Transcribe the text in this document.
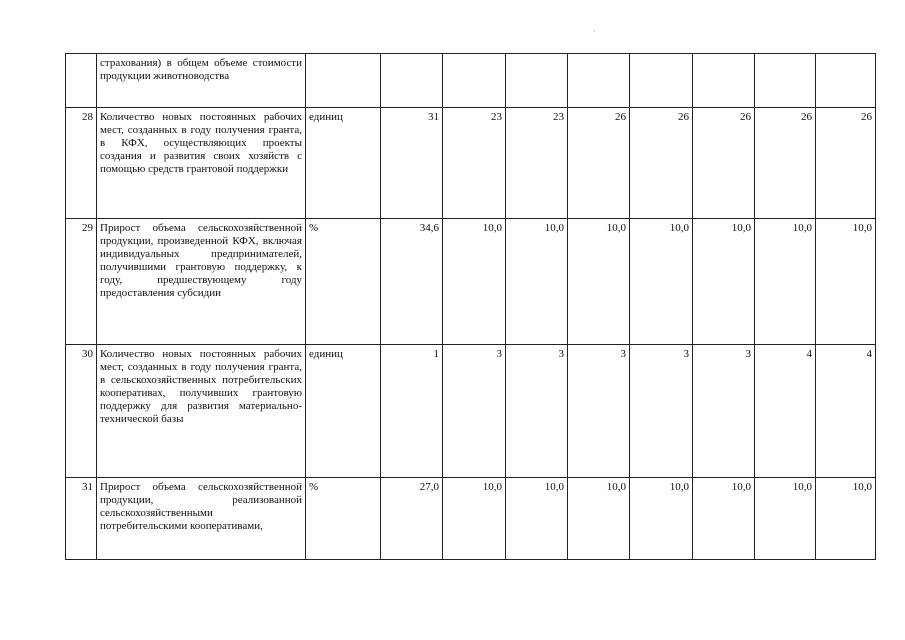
	страхования) в общем объеме стоимости продукции животноводства									
28	Количество новых постоянных рабочих мест, созданных в году получения гранта, в КФХ, осуществляющих проекты создания и развития своих хозяйств с помощью средств грантовой поддержки	единиц	31	23	23	26	26	26	26	26
29	Прирост объема сельскохозяйственной продукции, произведенной КФХ, включая индивидуальных предпринимателей, получившими грантовую поддержку, к году, предшествующему году предоставления субсидии	%	34,6	10,0	10,0	10,0	10,0	10,0	10,0	10,0
30	Количество новых постоянных рабочих мест, созданных в году получения гранта, в сельскохозяйственных потребительских кооперативах, получивших грантовую поддержку для развития материально-технической базы	единиц	1	3	3	3	3	3	4	4
31	Прирост объема сельскохозяйственной продукции, реализованной сельскохозяйственными потребительскими кооперативами,	%	27,0	10,0	10,0	10,0	10,0	10,0	10,0	10,0
'
